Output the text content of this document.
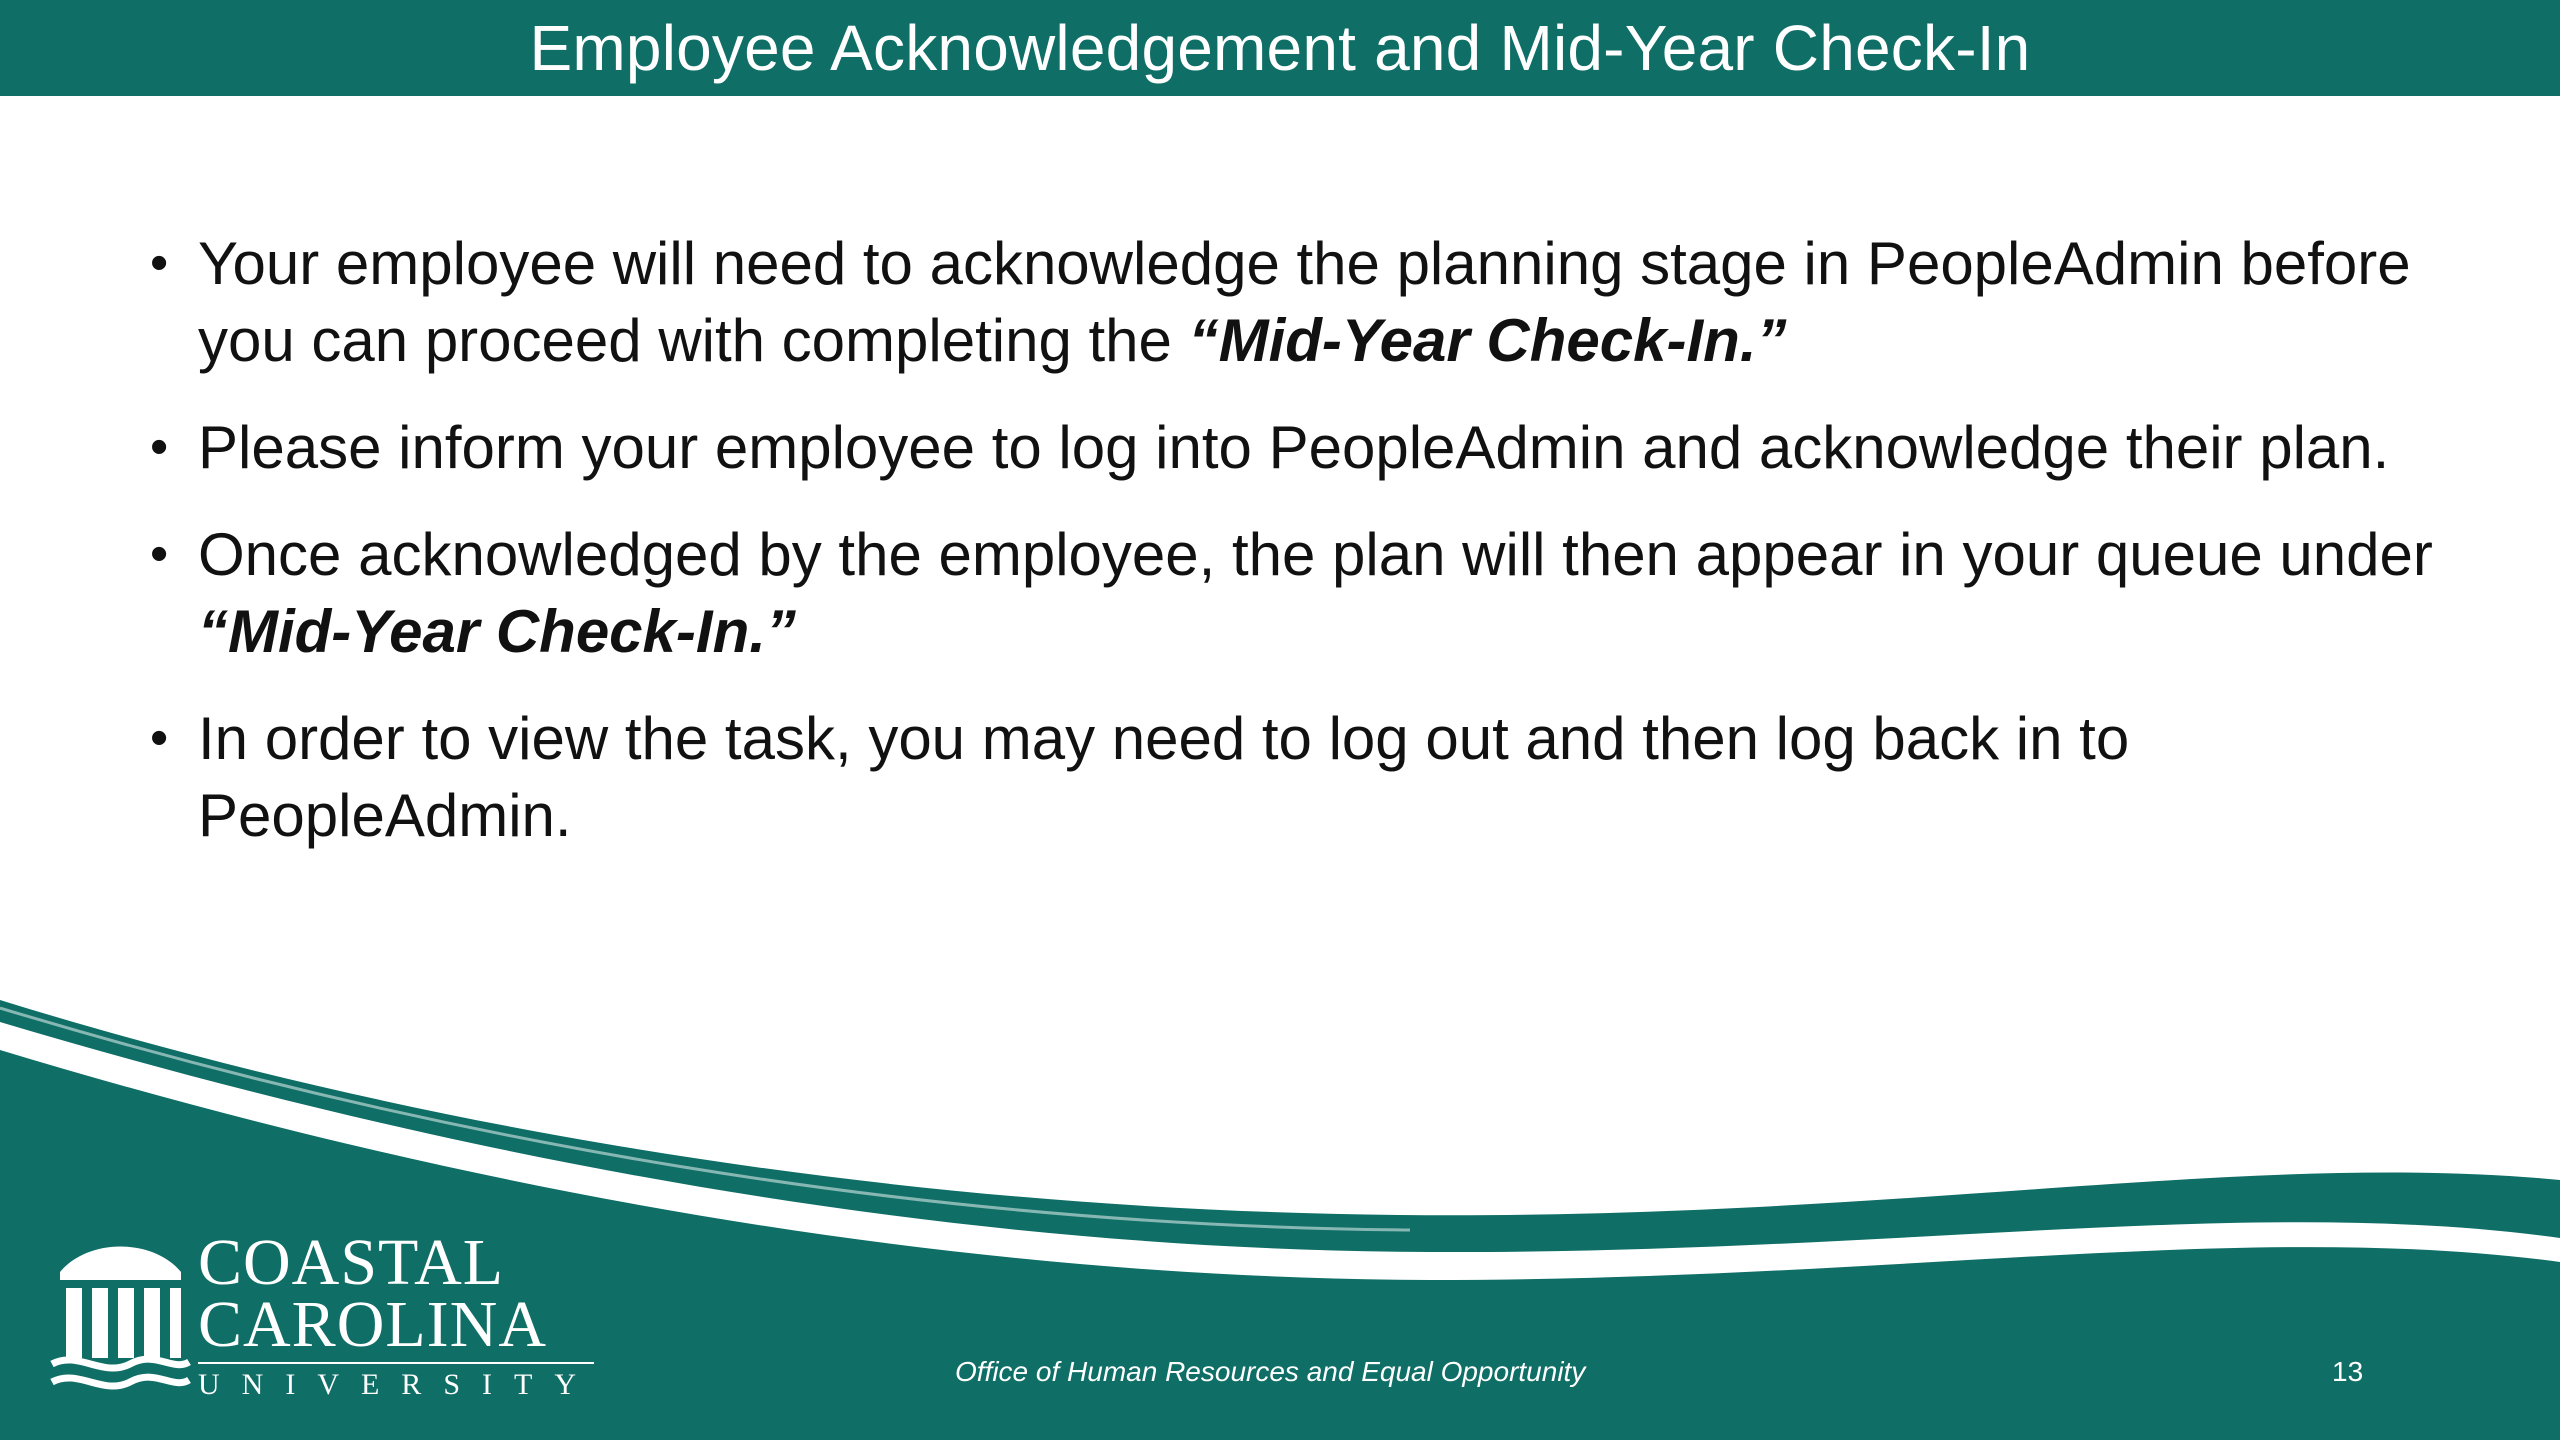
Employee Acknowledgement and Mid-Year Check-In
• Your employee will need to acknowledge the planning stage in PeopleAdmin before you can proceed with completing the “Mid-Year Check-In.”
• Please inform your employee to log into PeopleAdmin and acknowledge their plan.
• Once acknowledged by the employee, the plan will then appear in your queue under “Mid-Year Check-In.”
• In order to view the task, you may need to log out and then log back in to PeopleAdmin.
COASTAL
CAROLINA
UNIVERSITY	Office of Human Resources and Equal Opportunity	13
